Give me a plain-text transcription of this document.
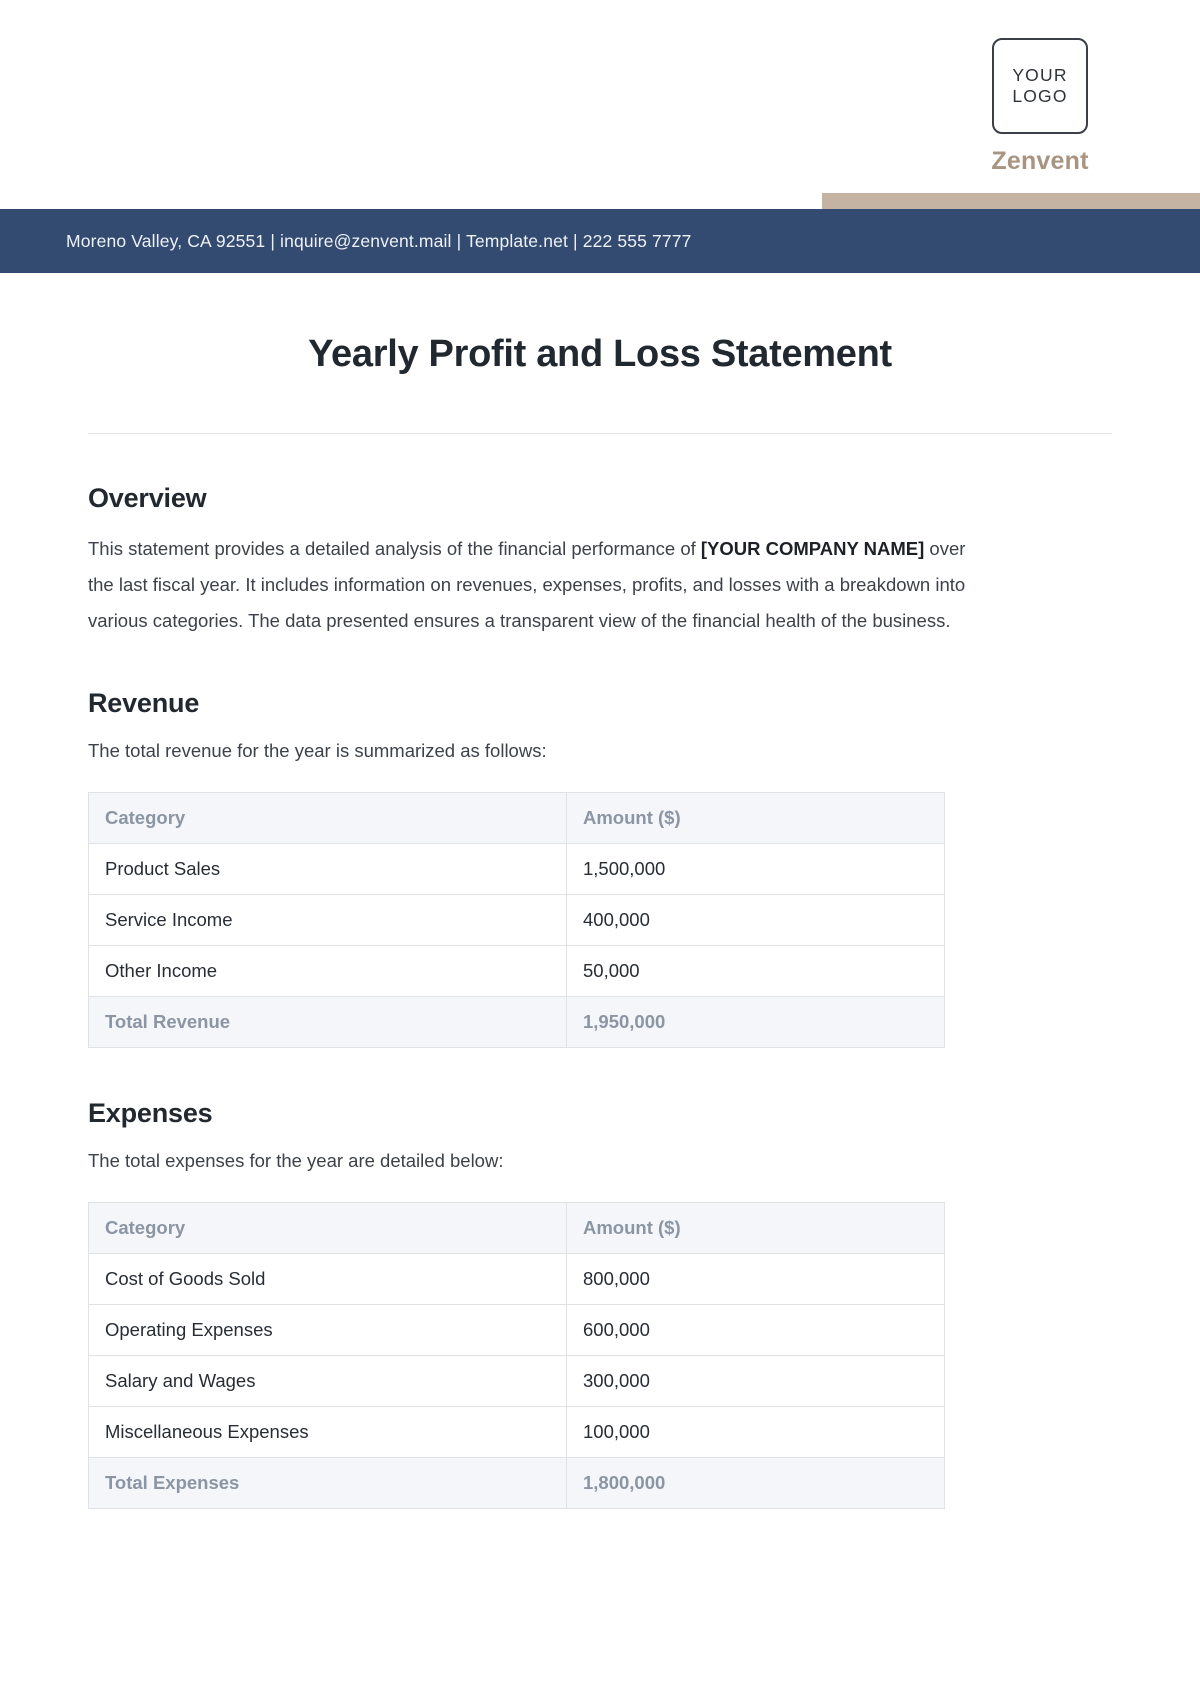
YOUR
LOGO
Zenvent
Moreno Valley, CA 92551 | inquire@zenvent.mail | Template.net | 222 555 7777
Yearly Profit and Loss Statement
Overview

This statement provides a detailed analysis of the financial performance of [YOUR COMPANY NAME] over the last fiscal year. It includes information on revenues, expenses, profits, and losses with a breakdown into various categories. The data presented ensures a transparent view of the financial health of the business.

Revenue

The total revenue for the year is summarized as follows:

Category	Amount ($)
Product Sales	1,500,000
Service Income	400,000
Other Income	50,000
Total Revenue	1,950,000
Expenses

The total expenses for the year are detailed below:

Category	Amount ($)
Cost of Goods Sold	800,000
Operating Expenses	600,000
Salary and Wages	300,000
Miscellaneous Expenses	100,000
Total Expenses	1,800,000
